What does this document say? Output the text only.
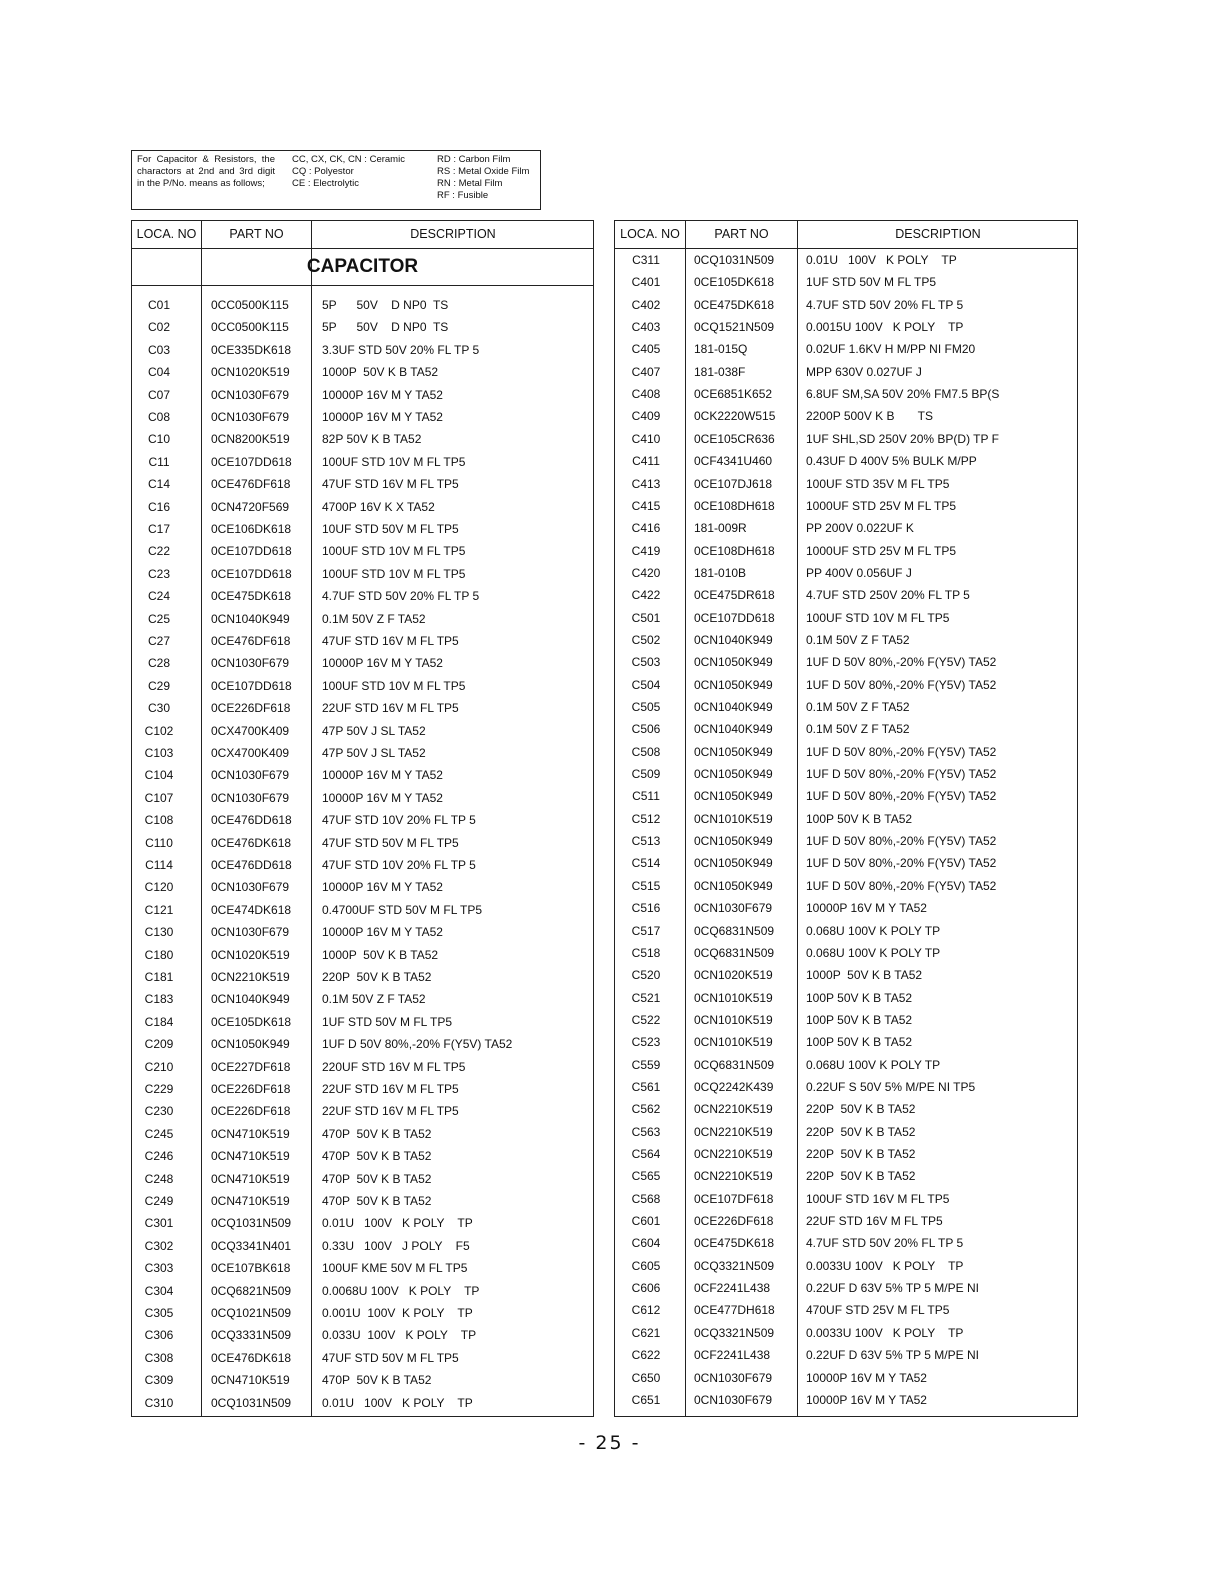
For Capacitor & Resistors, the charactors at 2nd and 3rd digit in the P/No. means as follows;
CC, CX, CK, CN : Ceramic
CQ : Polyestor
CE : Electrolytic
RD : Carbon Film
RS : Metal Oxide Film
RN : Metal Film
RF : Fusible
LOCA. NO	PART NO	DESCRIPTION
CAPACITOR
C01	0CC0500K115	5P      50V    D NP0  TS
C02	0CC0500K115	5P      50V    D NP0  TS
C03	0CE335DK618	3.3UF STD 50V 20% FL TP 5
C04	0CN1020K519	1000P  50V K B TA52
C07	0CN1030F679	10000P 16V M Y TA52
C08	0CN1030F679	10000P 16V M Y TA52
C10	0CN8200K519	82P 50V K B TA52
C11	0CE107DD618	100UF STD 10V M FL TP5
C14	0CE476DF618	47UF STD 16V M FL TP5
C16	0CN4720F569	4700P 16V K X TA52
C17	0CE106DK618	10UF STD 50V M FL TP5
C22	0CE107DD618	100UF STD 10V M FL TP5
C23	0CE107DD618	100UF STD 10V M FL TP5
C24	0CE475DK618	4.7UF STD 50V 20% FL TP 5
C25	0CN1040K949	0.1M 50V Z F TA52
C27	0CE476DF618	47UF STD 16V M FL TP5
C28	0CN1030F679	10000P 16V M Y TA52
C29	0CE107DD618	100UF STD 10V M FL TP5
C30	0CE226DF618	22UF STD 16V M FL TP5
C102	0CX4700K409	47P 50V J SL TA52
C103	0CX4700K409	47P 50V J SL TA52
C104	0CN1030F679	10000P 16V M Y TA52
C107	0CN1030F679	10000P 16V M Y TA52
C108	0CE476DD618	47UF STD 10V 20% FL TP 5
C110	0CE476DK618	47UF STD 50V M FL TP5
C114	0CE476DD618	47UF STD 10V 20% FL TP 5
C120	0CN1030F679	10000P 16V M Y TA52
C121	0CE474DK618	0.4700UF STD 50V M FL TP5
C130	0CN1030F679	10000P 16V M Y TA52
C180	0CN1020K519	1000P  50V K B TA52
C181	0CN2210K519	220P  50V K B TA52
C183	0CN1040K949	0.1M 50V Z F TA52
C184	0CE105DK618	1UF STD 50V M FL TP5
C209	0CN1050K949	1UF D 50V 80%,-20% F(Y5V) TA52
C210	0CE227DF618	220UF STD 16V M FL TP5
C229	0CE226DF618	22UF STD 16V M FL TP5
C230	0CE226DF618	22UF STD 16V M FL TP5
C245	0CN4710K519	470P  50V K B TA52
C246	0CN4710K519	470P  50V K B TA52
C248	0CN4710K519	470P  50V K B TA52
C249	0CN4710K519	470P  50V K B TA52
C301	0CQ1031N509	0.01U   100V   K POLY    TP
C302	0CQ3341N401	0.33U   100V   J POLY    F5
C303	0CE107BK618	100UF KME 50V M FL TP5
C304	0CQ6821N509	0.0068U 100V   K POLY    TP
C305	0CQ1021N509	0.001U  100V  K POLY    TP
C306	0CQ3331N509	0.033U  100V   K POLY    TP
C308	0CE476DK618	47UF STD 50V M FL TP5
C309	0CN4710K519	470P  50V K B TA52
C310	0CQ1031N509	0.01U   100V   K POLY    TP
LOCA. NO	PART NO	DESCRIPTION
C311	0CQ1031N509	0.01U   100V   K POLY    TP
C401	0CE105DK618	1UF STD 50V M FL TP5
C402	0CE475DK618	4.7UF STD 50V 20% FL TP 5
C403	0CQ1521N509	0.0015U 100V   K POLY    TP
C405	181-015Q	0.02UF 1.6KV H M/PP NI FM20
C407	181-038F	MPP 630V 0.027UF J
C408	0CE6851K652	6.8UF SM,SA 50V 20% FM7.5 BP(S
C409	0CK2220W515	2200P 500V K B       TS
C410	0CE105CR636	1UF SHL,SD 250V 20% BP(D) TP F
C411	0CF4341U460	0.43UF D 400V 5% BULK M/PP
C413	0CE107DJ618	100UF STD 35V M FL TP5
C415	0CE108DH618	1000UF STD 25V M FL TP5
C416	181-009R	PP 200V 0.022UF K
C419	0CE108DH618	1000UF STD 25V M FL TP5
C420	181-010B	PP 400V 0.056UF J
C422	0CE475DR618	4.7UF STD 250V 20% FL TP 5
C501	0CE107DD618	100UF STD 10V M FL TP5
C502	0CN1040K949	0.1M 50V Z F TA52
C503	0CN1050K949	1UF D 50V 80%,-20% F(Y5V) TA52
C504	0CN1050K949	1UF D 50V 80%,-20% F(Y5V) TA52
C505	0CN1040K949	0.1M 50V Z F TA52
C506	0CN1040K949	0.1M 50V Z F TA52
C508	0CN1050K949	1UF D 50V 80%,-20% F(Y5V) TA52
C509	0CN1050K949	1UF D 50V 80%,-20% F(Y5V) TA52
C511	0CN1050K949	1UF D 50V 80%,-20% F(Y5V) TA52
C512	0CN1010K519	100P 50V K B TA52
C513	0CN1050K949	1UF D 50V 80%,-20% F(Y5V) TA52
C514	0CN1050K949	1UF D 50V 80%,-20% F(Y5V) TA52
C515	0CN1050K949	1UF D 50V 80%,-20% F(Y5V) TA52
C516	0CN1030F679	10000P 16V M Y TA52
C517	0CQ6831N509	0.068U 100V K POLY TP
C518	0CQ6831N509	0.068U 100V K POLY TP
C520	0CN1020K519	1000P  50V K B TA52
C521	0CN1010K519	100P 50V K B TA52
C522	0CN1010K519	100P 50V K B TA52
C523	0CN1010K519	100P 50V K B TA52
C559	0CQ6831N509	0.068U 100V K POLY TP
C561	0CQ2242K439	0.22UF S 50V 5% M/PE NI TP5
C562	0CN2210K519	220P  50V K B TA52
C563	0CN2210K519	220P  50V K B TA52
C564	0CN2210K519	220P  50V K B TA52
C565	0CN2210K519	220P  50V K B TA52
C568	0CE107DF618	100UF STD 16V M FL TP5
C601	0CE226DF618	22UF STD 16V M FL TP5
C604	0CE475DK618	4.7UF STD 50V 20% FL TP 5
C605	0CQ3321N509	0.0033U 100V   K POLY    TP
C606	0CF2241L438	0.22UF D 63V 5% TP 5 M/PE NI
C612	0CE477DH618	470UF STD 25V M FL TP5
C621	0CQ3321N509	0.0033U 100V   K POLY    TP
C622	0CF2241L438	0.22UF D 63V 5% TP 5 M/PE NI
C650	0CN1030F679	10000P 16V M Y TA52
C651	0CN1030F679	10000P 16V M Y TA52
- 25 -
